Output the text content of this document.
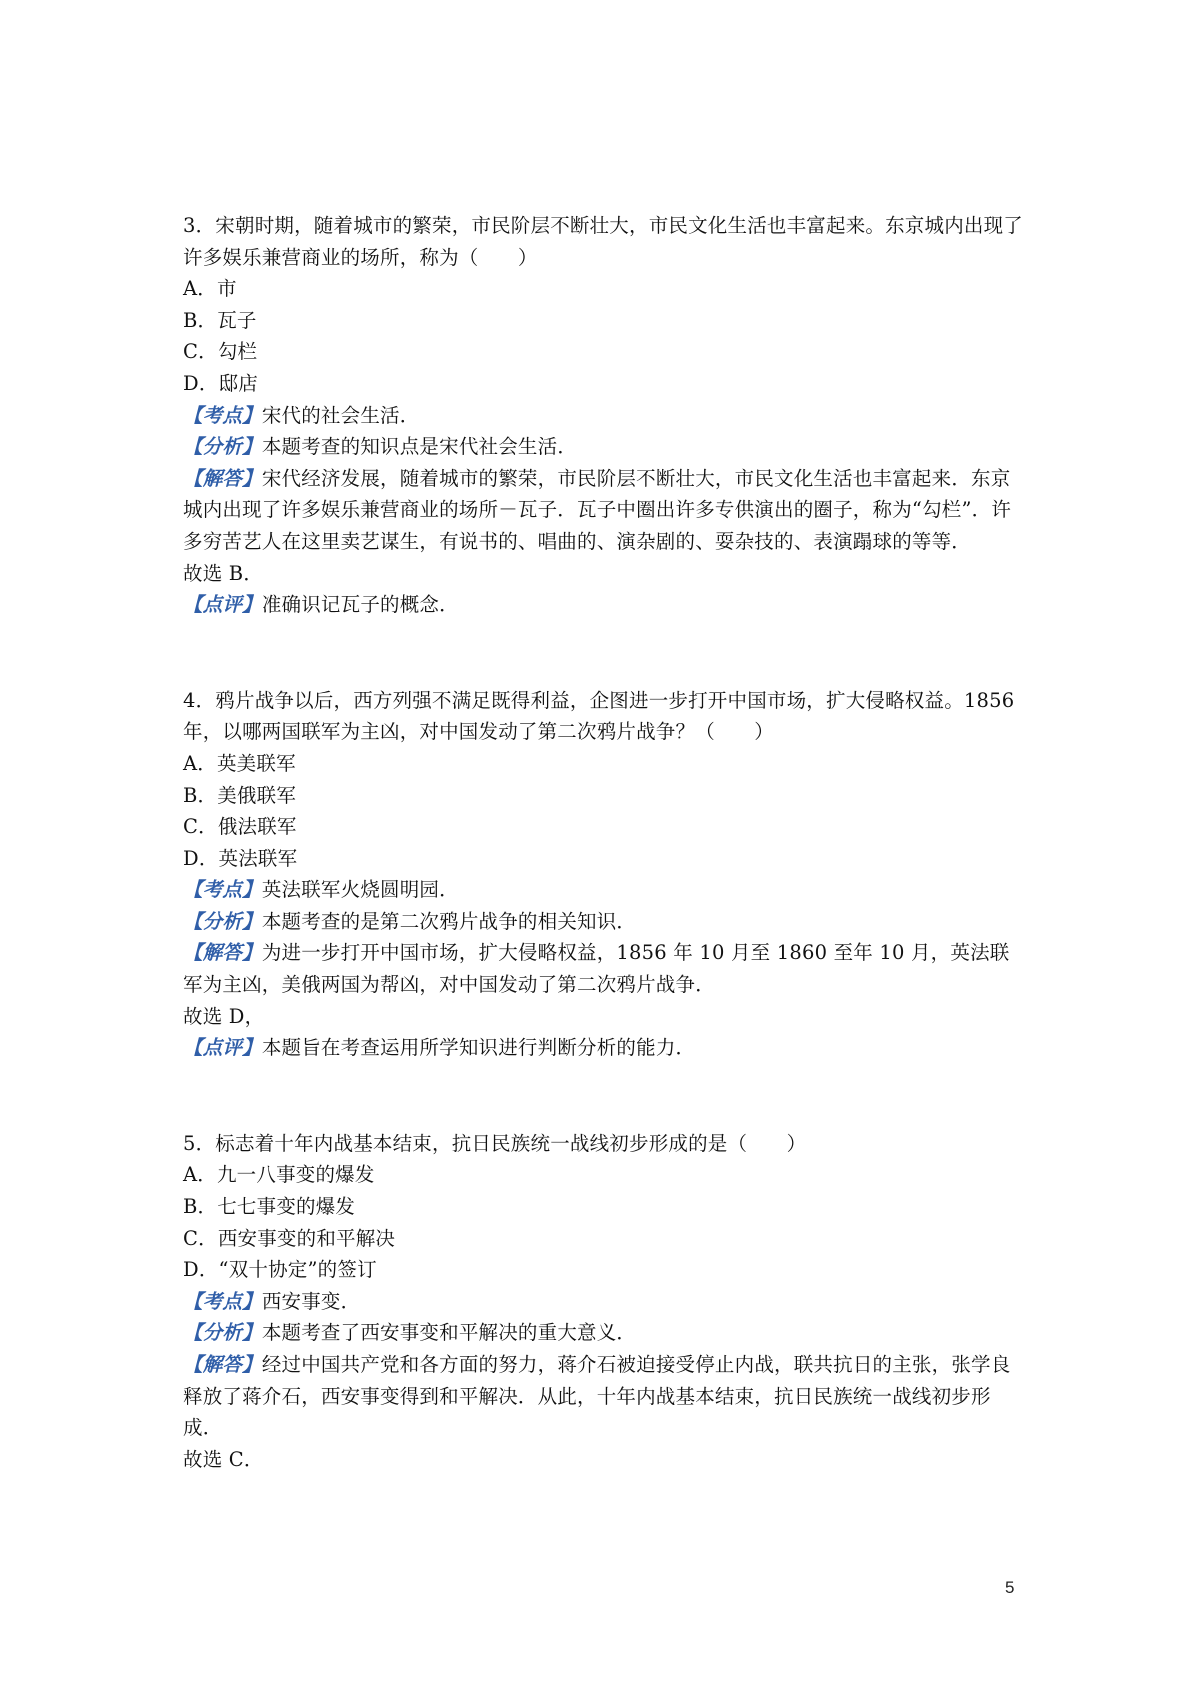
3．宋朝时期，随着城市的繁荣，市民阶层不断壮大，市民文化生活也丰富起来。东京城内出现了许多娱乐兼营商业的场所，称为（　　）

A．市

B．瓦子

C．勾栏

D．邸店

【考点】宋代的社会生活．

【分析】本题考查的知识点是宋代社会生活．

【解答】宋代经济发展，随着城市的繁荣，市民阶层不断壮大，市民文化生活也丰富起来．东京城内出现了许多娱乐兼营商业的场所－瓦子．瓦子中圈出许多专供演出的圈子，称为“勾栏”．许多穷苦艺人在这里卖艺谋生，有说书的、唱曲的、演杂剧的、耍杂技的、表演蹋球的等等．

故选 B．

【点评】准确识记瓦子的概念．

4．鸦片战争以后，西方列强不满足既得利益，企图进一步打开中国市场，扩大侵略权益。1856 年，以哪两国联军为主凶，对中国发动了第二次鸦片战争？（　　）

A．英美联军

B．美俄联军

C．俄法联军

D．英法联军

【考点】英法联军火烧圆明园．

【分析】本题考查的是第二次鸦片战争的相关知识．

【解答】为进一步打开中国市场，扩大侵略权益，1856 年 10 月至 1860 至年 10 月，英法联军为主凶，美俄两国为帮凶，对中国发动了第二次鸦片战争．

故选 D，

【点评】本题旨在考查运用所学知识进行判断分析的能力．

5．标志着十年内战基本结束，抗日民族统一战线初步形成的是（　　）

A．九一八事变的爆发

B．七七事变的爆发

C．西安事变的和平解决

D．“双十协定”的签订

【考点】西安事变．

【分析】本题考查了西安事变和平解决的重大意义．

【解答】经过中国共产党和各方面的努力，蒋介石被迫接受停止内战，联共抗日的主张，张学良释放了蒋介石，西安事变得到和平解决．从此，十年内战基本结束，抗日民族统一战线初步形成．

故选 C．

5
